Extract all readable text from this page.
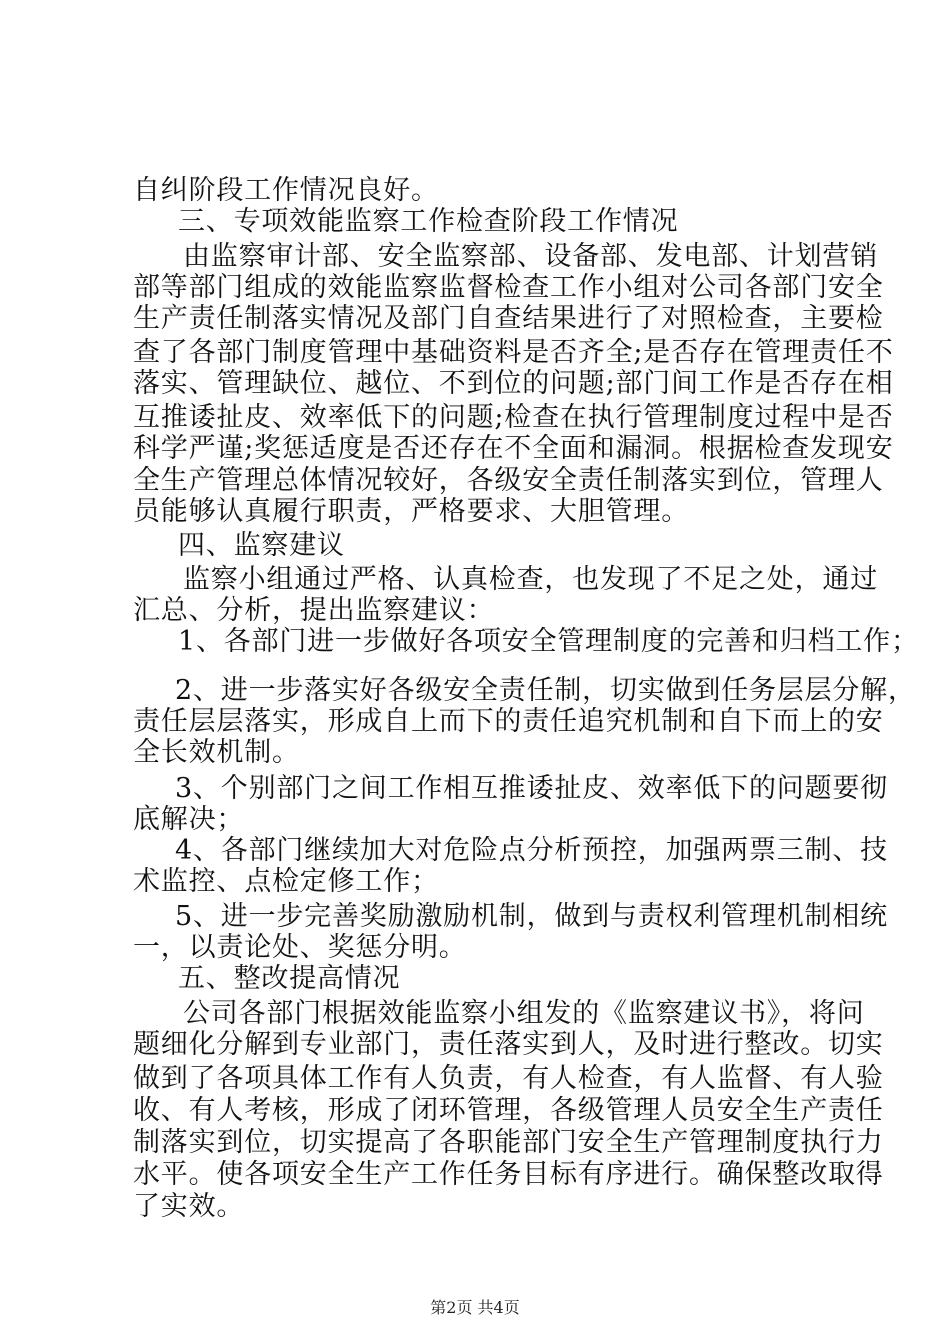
自纠阶段工作情况良好。
三、专项效能监察工作检查阶段工作情况
由监察审计部、安全监察部、设备部、发电部、计划营销
部等部门组成的效能监察监督检查工作小组对公司各部门安全
生产责任制落实情况及部门自查结果进行了对照检查，主要检
查了各部门制度管理中基础资料是否齐全;是否存在管理责任不
落实、管理缺位、越位、不到位的问题;部门间工作是否存在相
互推诿扯皮、效率低下的问题;检查在执行管理制度过程中是否
科学严谨;奖惩适度是否还存在不全面和漏洞。根据检查发现安
全生产管理总体情况较好，各级安全责任制落实到位，管理人
员能够认真履行职责，严格要求、大胆管理。
四、监察建议
监察小组通过严格、认真检查，也发现了不足之处，通过
汇总、分析，提出监察建议：
1、各部门进一步做好各项安全管理制度的完善和归档工作；
2、进一步落实好各级安全责任制，切实做到任务层层分解，
责任层层落实，形成自上而下的责任追究机制和自下而上的安
全长效机制。
3、个别部门之间工作相互推诿扯皮、效率低下的问题要彻
底解决；
4、各部门继续加大对危险点分析预控，加强两票三制、技
术监控、点检定修工作；
5、进一步完善奖励激励机制，做到与责权利管理机制相统
一，以责论处、奖惩分明。
五、整改提高情况
公司各部门根据效能监察小组发的《监察建议书》，将问
题细化分解到专业部门，责任落实到人，及时进行整改。切实
做到了各项具体工作有人负责，有人检查，有人监督、有人验
收、有人考核，形成了闭环管理，各级管理人员安全生产责任
制落实到位，切实提高了各职能部门安全生产管理制度执行力
水平。使各项安全生产工作任务目标有序进行。确保整改取得
了实效。
第2页 共4页
